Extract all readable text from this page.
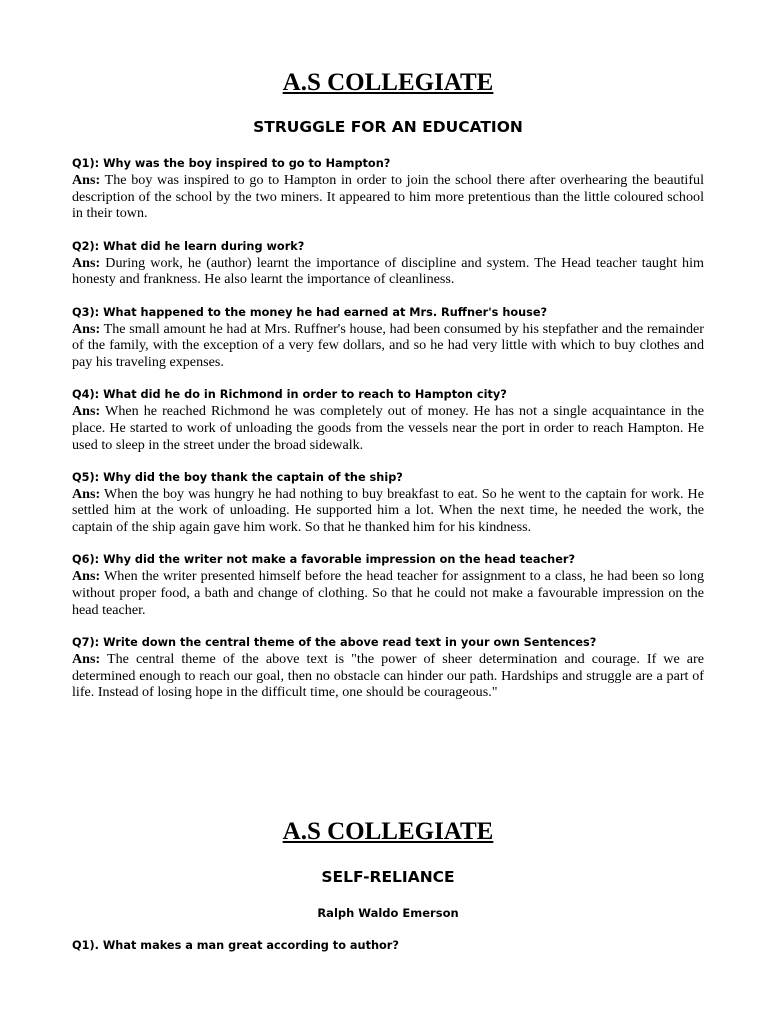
A.S COLLEGIATE
STRUGGLE FOR AN EDUCATION

Q1): Why was the boy inspired to go to Hampton?

Ans: The boy was inspired to go to Hampton in order to join the school there after overhearing the beautiful description of the school by the two miners. It appeared to him more pretentious than the little coloured school in their town.

Q2): What did he learn during work?

Ans: During work, he (author) learnt the importance of discipline and system. The Head teacher taught him honesty and frankness. He also learnt the importance of cleanliness.

Q3): What happened to the money he had earned at Mrs. Ruffner's house?

Ans: The small amount he had at Mrs. Ruffner's house, had been consumed by his stepfather and the remainder of the family, with the exception of a very few dollars, and so he had very little with which to buy clothes and pay his traveling expenses.

Q4): What did he do in Richmond in order to reach to Hampton city?

Ans: When he reached Richmond he was completely out of money. He has not a single acquaintance in the place. He started to work of unloading the goods from the vessels near the port in order to reach Hampton. He used to sleep in the street under the broad sidewalk.

Q5): Why did the boy thank the captain of the ship?

Ans: When the boy was hungry he had nothing to buy breakfast to eat. So he went to the captain for work. He settled him at the work of unloading. He supported him a lot. When the next time, he needed the work, the captain of the ship again gave him work. So that he thanked him for his kindness.

Q6): Why did the writer not make a favorable impression on the head teacher?

Ans: When the writer presented himself before the head teacher for assignment to a class, he had been so long without proper food, a bath and change of clothing. So that he could not make a favourable impression on the head teacher.

Q7): Write down the central theme of the above read text in your own Sentences?

Ans: The central theme of the above text is "the power of sheer determination and courage. If we are determined enough to reach our goal, then no obstacle can hinder our path. Hardships and struggle are a part of life. Instead of losing hope in the difficult time, one should be courageous."

A.S COLLEGIATE
SELF-RELIANCE

Ralph Waldo Emerson

Q1). What makes a man great according to author?
